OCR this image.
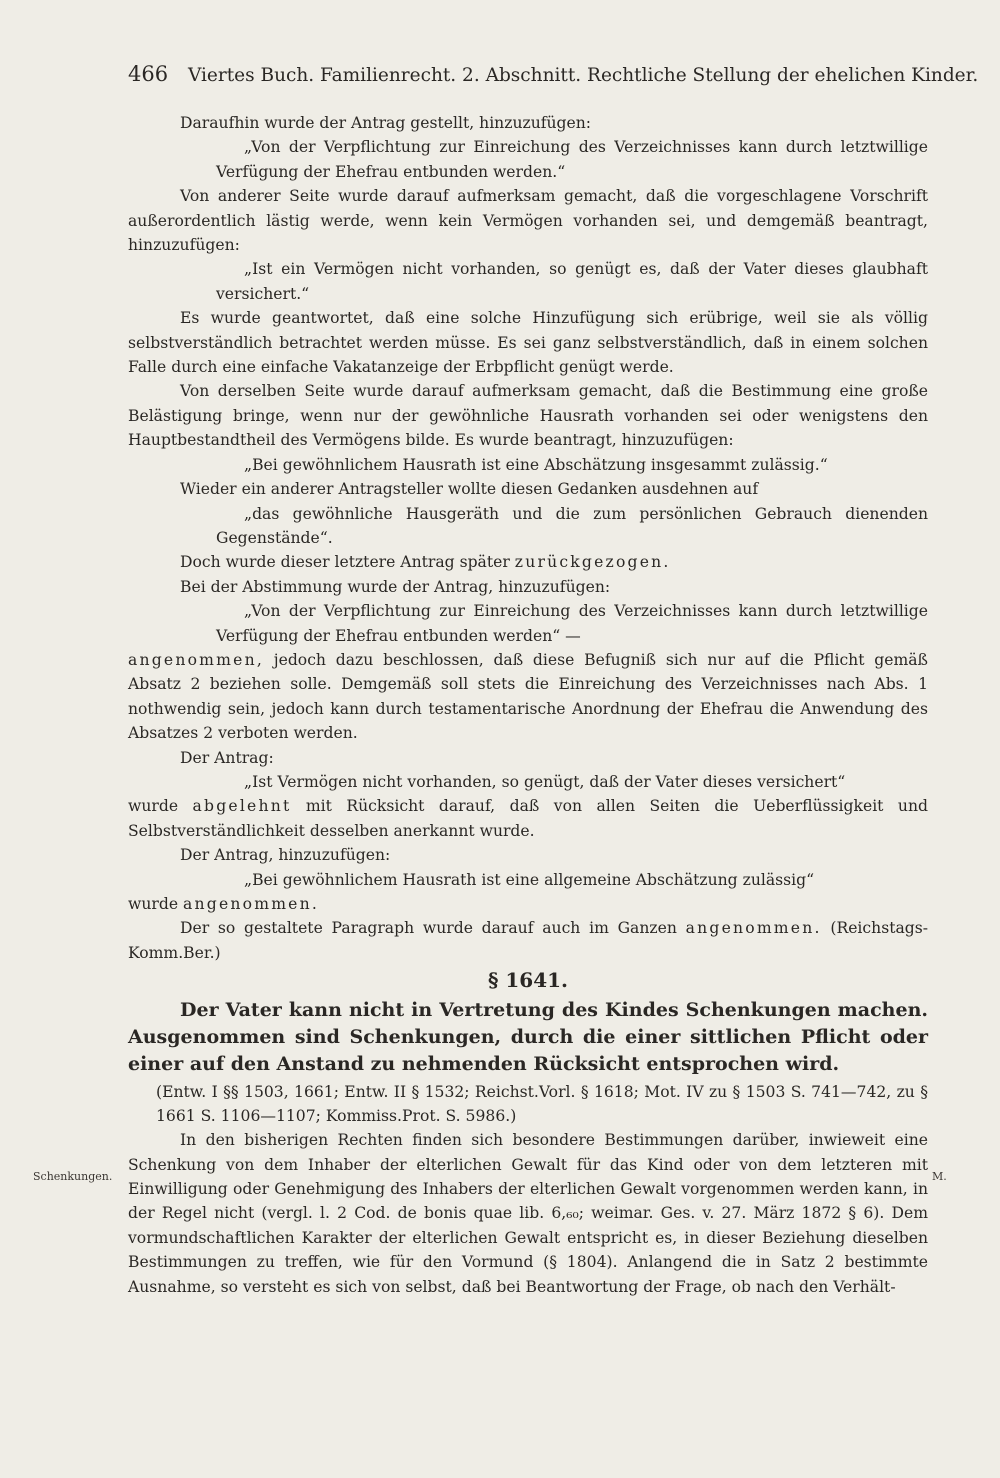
466 Viertes Buch. Familienrecht. 2. Abschnitt. Rechtliche Stellung der ehelichen Kinder.

Daraufhin wurde der Antrag gestellt, hinzuzufügen:

„Von der Verpflichtung zur Einreichung des Verzeichnisses kann durch letztwillige Verfügung der Ehefrau entbunden werden.“

Von anderer Seite wurde darauf aufmerksam gemacht, daß die vorgeschlagene Vorschrift außerordentlich lästig werde, wenn kein Vermögen vorhanden sei, und demgemäß beantragt, hinzuzufügen:

„Ist ein Vermögen nicht vorhanden, so genügt es, daß der Vater dieses glaubhaft versichert.“

Es wurde geantwortet, daß eine solche Hinzufügung sich erübrige, weil sie als völlig selbstverständlich betrachtet werden müsse. Es sei ganz selbstverständlich, daß in einem solchen Falle durch eine einfache Vakatanzeige der Erbpflicht genügt werde.

Von derselben Seite wurde darauf aufmerksam gemacht, daß die Bestimmung eine große Belästigung bringe, wenn nur der gewöhnliche Hausrath vorhanden sei oder wenigstens den Hauptbestandtheil des Vermögens bilde. Es wurde beantragt, hinzuzufügen:

„Bei gewöhnlichem Hausrath ist eine Abschätzung insgesammt zulässig.“

Wieder ein anderer Antragsteller wollte diesen Gedanken ausdehnen auf

„das gewöhnliche Hausgeräth und die zum persönlichen Gebrauch dienenden Gegenstände“.

Doch wurde dieser letztere Antrag später zurückgezogen.

Bei der Abstimmung wurde der Antrag, hinzuzufügen:

„Von der Verpflichtung zur Einreichung des Verzeichnisses kann durch letztwillige Verfügung der Ehefrau entbunden werden“ —

angenommen, jedoch dazu beschlossen, daß diese Befugniß sich nur auf die Pflicht gemäß Absatz 2 beziehen solle. Demgemäß soll stets die Einreichung des Verzeichnisses nach Abs. 1 nothwendig sein, jedoch kann durch testamentarische Anordnung der Ehefrau die Anwendung des Absatzes 2 verboten werden.

Der Antrag:

„Ist Vermögen nicht vorhanden, so genügt, daß der Vater dieses versichert“

wurde abgelehnt mit Rücksicht darauf, daß von allen Seiten die Ueberflüssigkeit und Selbstverständlichkeit desselben anerkannt wurde.

Der Antrag, hinzuzufügen:

„Bei gewöhnlichem Hausrath ist eine allgemeine Abschätzung zulässig“

wurde angenommen.

Der so gestaltete Paragraph wurde darauf auch im Ganzen angenommen. (Reichstags-Komm.Ber.)

§ 1641.

Der Vater kann nicht in Vertretung des Kindes Schenkungen machen. Ausgenommen sind Schenkungen, durch die einer sittlichen Pflicht oder einer auf den Anstand zu nehmenden Rücksicht entsprochen wird.

(Entw. I §§ 1503, 1661; Entw. II § 1532; Reichst.Vorl. § 1618; Mot. IV zu § 1503 S. 741—742, zu § 1661 S. 1106—1107; Kommiss.Prot. S. 5986.)

In den bisherigen Rechten finden sich besondere Bestimmungen darüber, inwieweit eine Schenkung von dem Inhaber der elterlichen Gewalt für das Kind oder von dem letzteren mit Einwilligung oder Genehmigung des Inhabers der elterlichen Gewalt vorgenommen werden kann, in der Regel nicht (vergl. l. 2 Cod. de bonis quae lib. 6,₆₀; weimar. Ges. v. 27. März 1872 § 6). Dem vormundschaftlichen Karakter der elterlichen Gewalt entspricht es, in dieser Beziehung dieselben Bestimmungen zu treffen, wie für den Vormund (§ 1804). Anlangend die in Satz 2 bestimmte Ausnahme, so versteht es sich von selbst, daß bei Beantwortung der Frage, ob nach den Verhält-

Schenkungen.	M.
